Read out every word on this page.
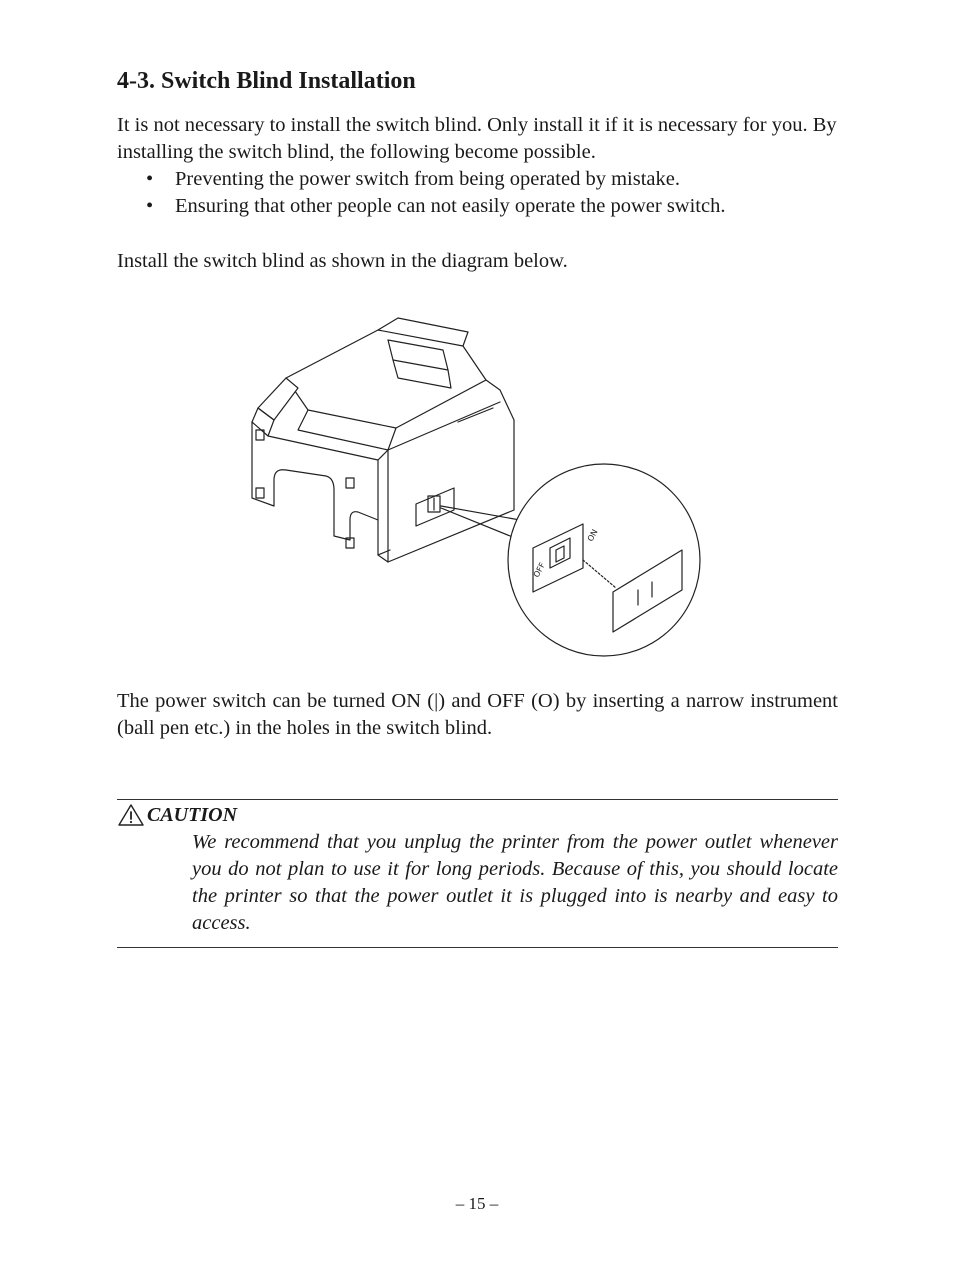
4-3. Switch Blind Installation

It is not necessary to install the switch blind. Only install it if it is necessary for you. By installing the switch blind, the following become possible.

• Preventing the power switch from being operated by mistake.
• Ensuring that other people can not easily operate the power switch.

Install the switch blind as shown in the diagram below.

OFF
ON

The power switch can be turned ON (|) and OFF (O) by inserting a narrow instrument (ball pen etc.) in the holes in the switch blind.

CAUTION

We recommend that you unplug the printer from the power outlet whenever you do not plan to use it for long periods. Because of this, you should locate the printer so that the power outlet it is plugged into is nearby and easy to access.

– 15 –
